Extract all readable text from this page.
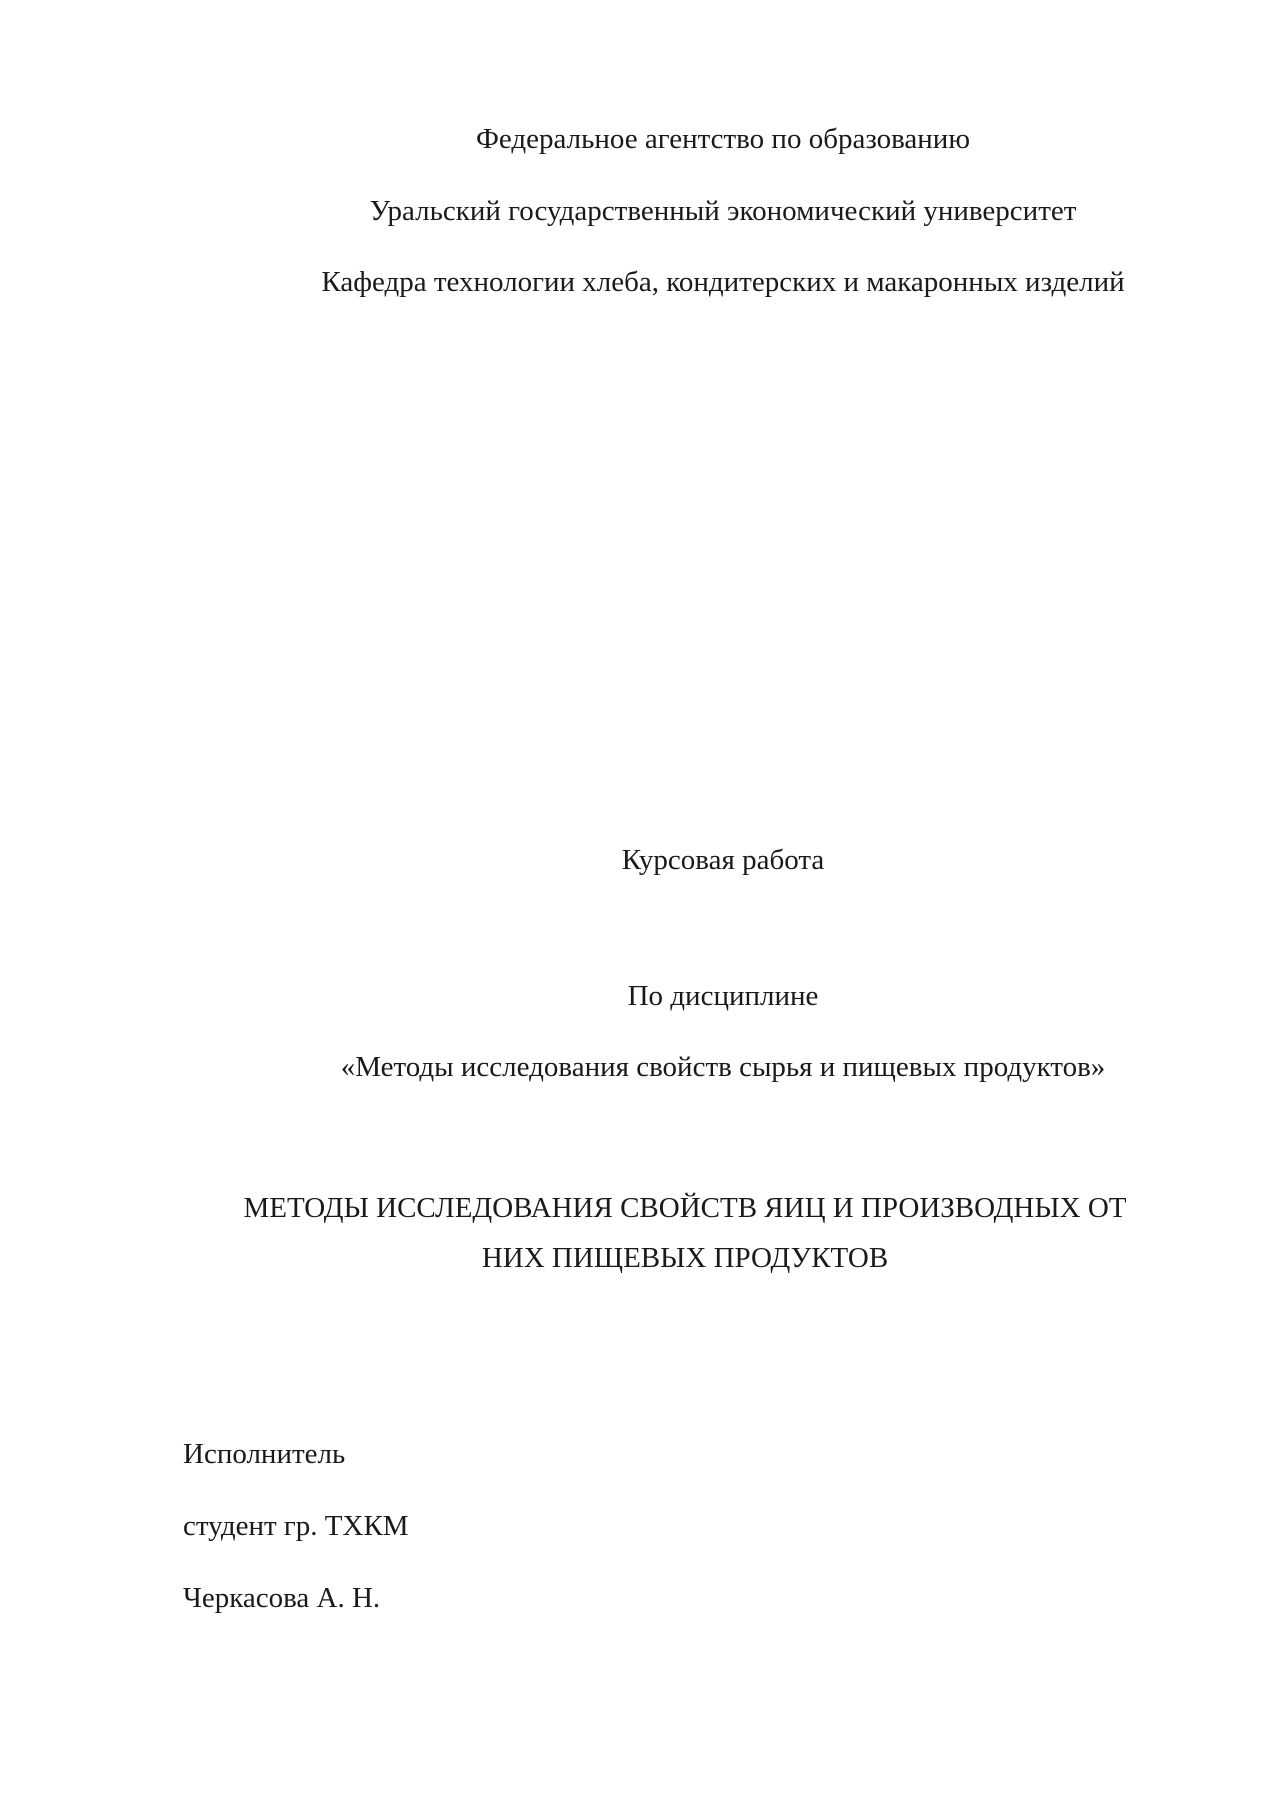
Федеральное агентство по образованию
Уральский государственный экономический университет
Кафедра технологии хлеба, кондитерских и макаронных изделий
Курсовая работа
По дисциплине
«Методы исследования свойств сырья и пищевых продуктов»
МЕТОДЫ ИССЛЕДОВАНИЯ СВОЙСТВ ЯИЦ И ПРОИЗВОДНЫХ ОТ
НИХ ПИЩЕВЫХ ПРОДУКТОВ
Исполнитель
студент гр. ТХКМ
Черкасова А. Н.
